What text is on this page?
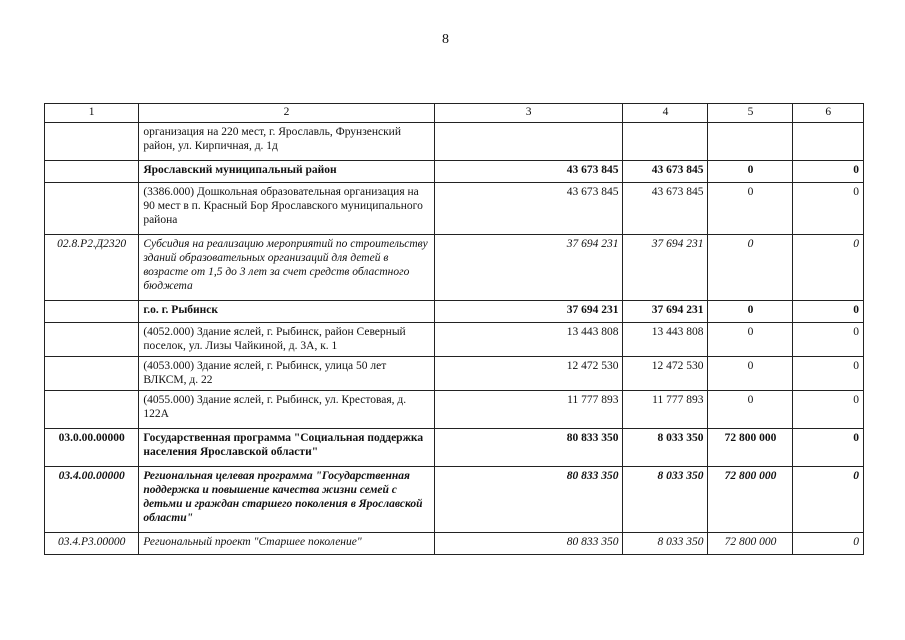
8
1	2	3	4	5	6
	организация на 220 мест, г. Ярославль, Фрунзенский район, ул. Кирпичная, д. 1д				
	Ярославский муниципальный район	43 673 845	43 673 845	0	0
	(3386.000) Дошкольная образовательная организация на 90 мест в п. Красный Бор Ярославского муниципального района	43 673 845	43 673 845	0	0
02.8.P2.Д2320	Субсидия на реализацию мероприятий по строительству зданий образовательных организаций для детей в возрасте от 1,5 до 3 лет за счет средств областного бюджета	37 694 231	37 694 231	0	0
	г.о. г. Рыбинск	37 694 231	37 694 231	0	0
	(4052.000) Здание яслей, г. Рыбинск, район Северный поселок, ул. Лизы Чайкиной, д. 3А, к. 1	13 443 808	13 443 808	0	0
	(4053.000) Здание яслей, г. Рыбинск, улица 50 лет ВЛКСМ, д. 22	12 472 530	12 472 530	0	0
	(4055.000) Здание яслей, г. Рыбинск, ул. Крестовая, д. 122А	11 777 893	11 777 893	0	0
03.0.00.00000	Государственная программа "Социальная поддержка населения Ярославской области"	80 833 350	8 033 350	72 800 000	0
03.4.00.00000	Региональная целевая программа "Государственная поддержка и повышение качества жизни семей с детьми и граждан старшего поколения в Ярославской области"	80 833 350	8 033 350	72 800 000	0
03.4.P3.00000	Региональный проект "Старшее поколение"	80 833 350	8 033 350	72 800 000	0
